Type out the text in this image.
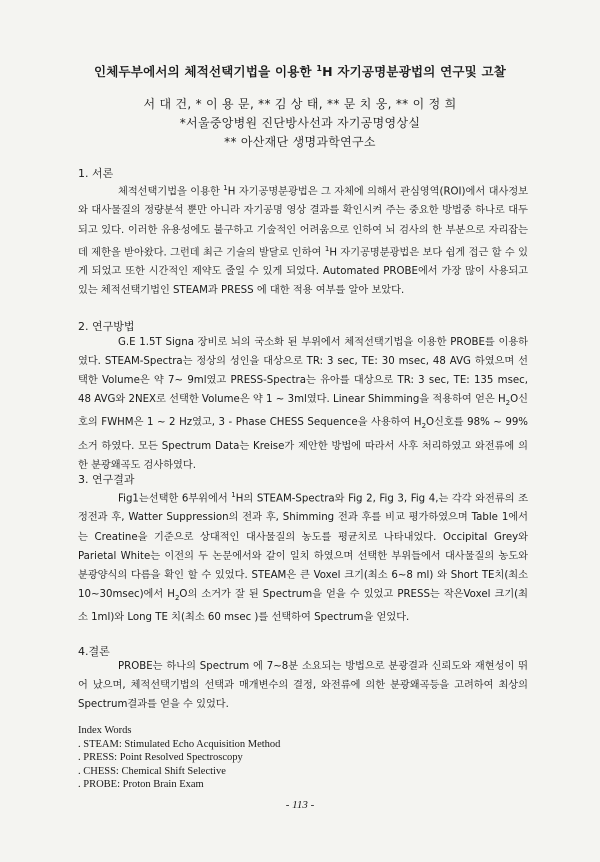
인체두부에서의 체적선택기법을 이용한 $^1$H 자기공명분광법의 연구및 고찰
서 대 건, * 이 용 문, ** 김 상 태, ** 문 치 웅, ** 이 정 희
*서울중앙병원 진단방사선과 자기공명영상실
** 아산재단 생명과학연구소
1. 서론

체적선택기법을 이용한 $^1$H 자기공명분광법은 그 자체에 의해서 관심영역(ROI)에서 대사정보와 대사물질의 정량분석 뿐만 아니라 자기공명 영상 결과를 확인시켜 주는 중요한 방법중 하나로 대두되고 있다. 이러한 유용성에도 불구하고 기술적인 어려움으로 인하여 뇌 검사의 한 부분으로 자리잡는데 제한을 받아왔다. 그런데 최근 기술의 발달로 인하여 $^1$H 자기공명분광법은 보다 쉽게 접근 할 수 있게 되었고 또한 시간적인 제약도 줄일 수 있게 되었다. Automated PROBE에서 가장 많이 사용되고 있는 체적선택기법인 STEAM과 PRESS 에 대한 적용 여부를 알아 보았다.

2. 연구방법

G.E 1.5T Signa 장비로 뇌의 국소화 된 부위에서 체적선택기법을 이용한 PROBE를 이용하였다. STEAM-Spectra는 정상의 성인을 대상으로 TR: 3 sec, TE: 30 msec, 48 AVG 하였으며 선택한 Volume은 약 7~ 9ml였고 PRESS-Spectra는 유아를 대상으로 TR: 3 sec, TE: 135 msec, 48 AVG와 2NEX로 선택한 Volume은 약 1 ~ 3ml였다. Linear Shimming을 적용하여 얻은 $H_2O$신호의 FWHM은 1 ~ 2 Hz였고, 3 - Phase CHESS Sequence을 사용하여 $H_2O$신호를 98% ~ 99% 소거 하였다. 모든 Spectrum Data는 Kreise가 제안한 방법에 따라서 사후 처리하였고 와전류에 의한 분광왜곡도 검사하였다.

3. 연구결과

Fig1는선택한 6부위에서 $^1$H의 STEAM-Spectra와 Fig 2, Fig 3, Fig 4,는 각각 와전류의 조정전과 후, Watter Suppression의 전과 후, Shimming 전과 후를 비교 평가하였으며 Table 1에서는 Creatine을 기준으로 상대적인 대사물질의 농도를 평균치로 나타내었다. Occipital Grey와 Parietal White는 이전의 두 논문에서와 같이 일치 하였으며 선택한 부위들에서 대사물질의 농도와 분광양식의 다름을 확인 할 수 있었다. STEAM은 큰 Voxel 크기(최소 6~8 ml) 와 Short TE치(최소10~30msec)에서 $H_2O$의 소거가 잘 된 Spectrum을 얻을 수 있었고 PRESS는 작은Voxel 크기(최소 1ml)와 Long TE 치(최소 60 msec )를 선택하여 Spectrum을 얻었다.

4.결론

PROBE는 하나의 Spectrum 에 7~8분 소요되는 방법으로 분광결과 신뢰도와 재현성이 뛰어 났으며, 체적선택기법의 선택과 매개변수의 결정, 와전류에 의한 분광왜곡등을 고려하여 최상의 Spectrum결과를 얻을 수 있었다.

Index Words
. STEAM: Stimulated Echo Acquisition Method
. PRESS: Point Resolved Spectroscopy
. CHESS: Chemical Shift Selective
. PROBE: Proton Brain Exam
- 113 -
